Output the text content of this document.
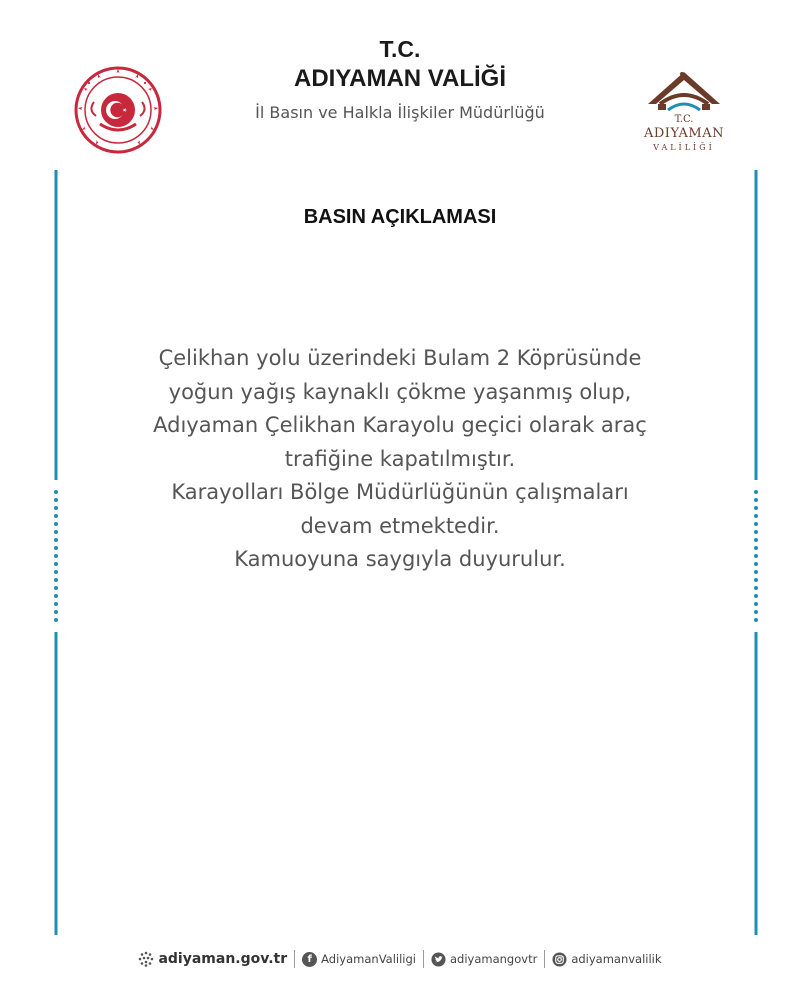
T.C.
ADIYAMAN VALİĞİ
İl Basın ve Halkla İlişkiler Müdürlüğü	T.C.
ADIYAMAN
VALİLİĞİ
BASIN AÇIKLAMASI
Çelikhan yolu üzerindeki Bulam 2 Köprüsünde
yoğun yağış kaynaklı çökme yaşanmış olup,
Adıyaman Çelikhan Karayolu geçici olarak araç
trafiğine kapatılmıştır.
Karayolları Bölge Müdürlüğünün çalışmaları
devam etmektedir.
Kamuoyuna saygıyla duyurulur.
adiyaman.gov.tr	f AdiyamanValiligi	adiyamangovtr	adiyamanvalilik
